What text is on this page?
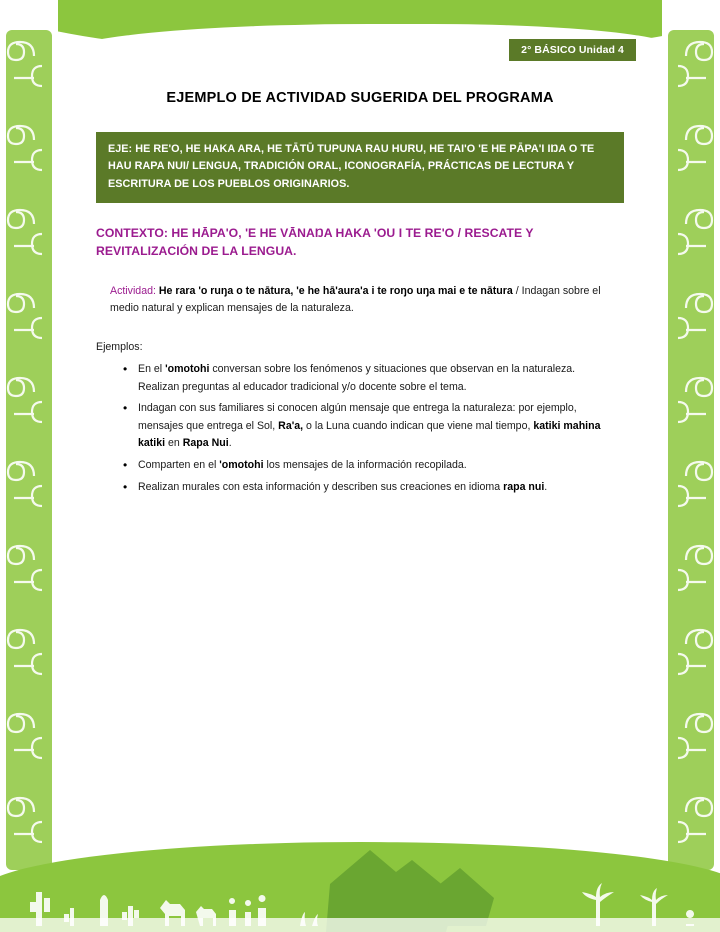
2° BÁSICO Unidad 4
EJEMPLO DE ACTIVIDAD SUGERIDA DEL PROGRAMA
EJE: HE RE'O, HE HAKA ARA, HE TĀTŪ TUPUNA RAU HURU, HE TAI'O 'E HE PĀPA'I IŊA O TE HAU RAPA NUI/ LENGUA, TRADICIÓN ORAL, ICONOGRAFÍA, PRÁCTICAS DE LECTURA Y ESCRITURA DE LOS PUEBLOS ORIGINARIOS.
CONTEXTO: HE HĀPA'O, 'E HE VĀNAŊA HAKA 'OU I TE RE'O / RESCATE Y REVITALIZACIÓN DE LA LENGUA.
Actividad: He rara 'o ruŋa o te nātura, 'e he hā'aura'a i te roŋo uŋa mai e te nātura / Indagan sobre el medio natural y explican mensajes de la naturaleza.
Ejemplos:
• En el 'omotohi conversan sobre los fenómenos y situaciones que observan en la naturaleza. Realizan preguntas al educador tradicional y/o docente sobre el tema.
• Indagan con sus familiares si conocen algún mensaje que entrega la naturaleza: por ejemplo, mensajes que entrega el Sol, Ra'a, o la Luna cuando indican que viene mal tiempo, katiki mahina katiki en Rapa Nui.
• Comparten en el 'omotohi los mensajes de la información recopilada.
• Realizan murales con esta información y describen sus creaciones en idioma rapa nui.
